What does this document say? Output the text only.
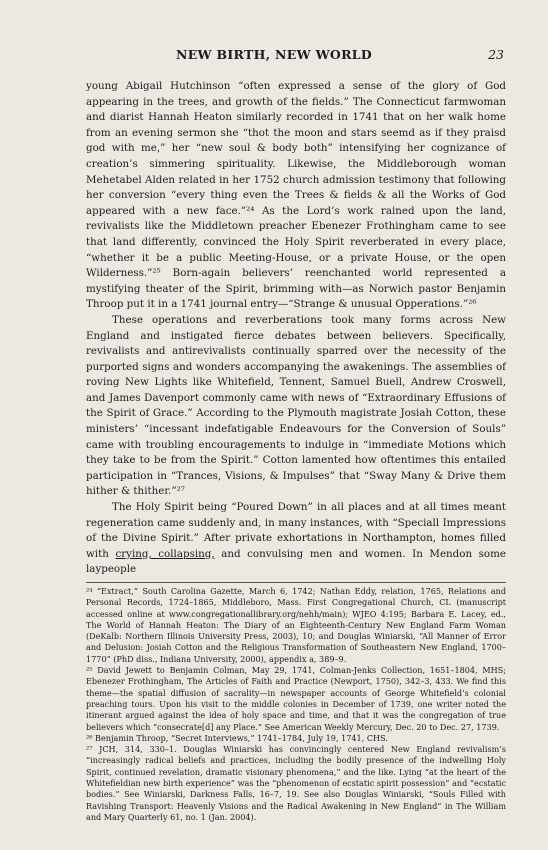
NEW BIRTH, NEW WORLD	23

young Abigail Hutchinson “often expressed a sense of the glory of God appearing in the trees, and growth of the fields.” The Connecticut farmwoman and diarist Hannah Heaton similarly recorded in 1741 that on her walk home from an evening sermon she “thot the moon and stars seemd as if they praisd god with me,” her “new soul & body both” intensifying her cognizance of creation’s simmering spirituality. Likewise, the Middleborough woman Mehetabel Alden related in her 1752 church admission testimony that following her conversion “every thing even the Trees & fields & all the Works of God appeared with a new face.”²⁴ As the Lord’s work rained upon the land, revivalists like the Middletown preacher Ebenezer Frothingham came to see that land differently, convinced the Holy Spirit reverberated in every place, “whether it be a public Meeting-House, or a private House, or the open Wilderness.”²⁵ Born-again believers’ reenchanted world represented a mystifying theater of the Spirit, brimming with—as Norwich pastor Benjamin Throop put it in a 1741 journal entry—“Strange & unusual Opperations.”²⁶

These operations and reverberations took many forms across New England and instigated fierce debates between believers. Specifically, revivalists and antirevivalists continually sparred over the necessity of the purported signs and wonders accompanying the awakenings. The assemblies of roving New Lights like Whitefield, Tennent, Samuel Buell, Andrew Croswell, and James Davenport commonly came with news of “Extraordinary Effusions of the Spirit of Grace.” According to the Plymouth magistrate Josiah Cotton, these ministers’ “incessant indefatigable Endeavours for the Conversion of Souls” came with troubling encouragements to indulge in “immediate Motions which they take to be from the Spirit.” Cotton lamented how oftentimes this entailed participation in “Trances, Visions, & Impulses” that “Sway Many & Drive them hither & thither.”²⁷

The Holy Spirit being “Poured Down” in all places and at all times meant regeneration came suddenly and, in many instances, with “Speciall Impressions of the Divine Spirit.” After private exhortations in Northampton, homes filled with crying, collapsing, and convulsing men and women. In Mendon some laypeople

²⁴ “Extract,” South Carolina Gazette, March 6, 1742; Nathan Eddy, relation, 1765, Relations and Personal Records, 1724–1865, Middleboro, Mass. First Congregational Church, CL (manuscript accessed online at www.congregationallibrary.org/nehh/main); WJEO 4:195; Barbara E. Lacey, ed., The World of Hannah Heaton: The Diary of an Eighteenth-Century New England Farm Woman (DeKalb: Northern Illinois University Press, 2003), 10; and Douglas Winiarski, “All Manner of Error and Delusion: Josiah Cotton and the Religious Transformation of Southeastern New England, 1700–1770” (PhD diss., Indiana University, 2000), appendix a, 389–9.

²⁵ David Jewett to Benjamin Colman, May 29, 1741, Colman-Jenks Collection, 1651–1804, MHS; Ebenezer Frothingham, The Articles of Faith and Practice (Newport, 1750), 342–3, 433. We find this theme—the spatial diffusion of sacrality—in newspaper accounts of George Whitefield’s colonial preaching tours. Upon his visit to the middle colonies in December of 1739, one writer noted the itinerant argued against the idea of holy space and time, and that it was the congregation of true believers which “consecrate[d] any Place.” See American Weekly Mercury, Dec. 20 to Dec. 27, 1739.

²⁶ Benjamin Throop, “Secret Interviews,” 1741–1784, July 19, 1741, CHS.

²⁷ JCH, 314, 330–1. Douglas Winiarski has convincingly centered New England revivalism’s “increasingly radical beliefs and practices, including the bodily presence of the indwelling Holy Spirit, continued revelation, dramatic visionary phenomena,” and the like. Lying “at the heart of the Whitefieldian new birth experience” was the “phenomenon of ecstatic spirit possession” and “ecstatic bodies.” See Winiarski, Darkness Falls, 16–7, 19. See also Douglas Winiarski, “Souls Filled with Ravishing Transport: Heavenly Visions and the Radical Awakening in New England” in The William and Mary Quarterly 61, no. 1 (Jan. 2004).
